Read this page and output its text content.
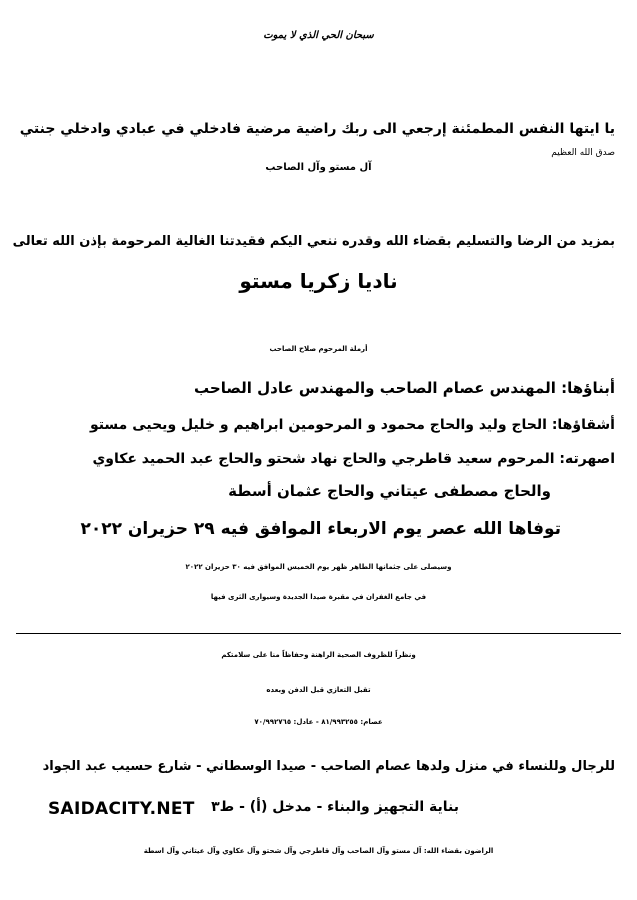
سبحان الحي الذي لا يموت
يا ايتها النفس المطمئنة إرجعي الى ربك راضية مرضية فادخلي في عبادي وادخلي جنتي
صدق الله العظيم
آل مستو وآل الصاحب
بمزيد من الرضا والتسليم بقضاء الله وقدره ننعي اليكم فقيدتنا الغالية المرحومة بإذن الله تعالى
ناديا زكريا مستو
أرملة المرحوم صلاح الصاحب
أبناؤها: المهندس عصام الصاحب والمهندس عادل الصاحب
أشقاؤها: الحاج وليد والحاج محمود و المرحومين ابراهيم و خليل ويحيى مستو
اصهرته: المرحوم سعيد قاطرجي والحاج نهاد شحتو والحاج عبد الحميد عكاوي
والحاج مصطفى عيتاني والحاج عثمان أسطة
توفاها الله عصر يوم الاربعاء الموافق فيه ٢٩ حزيران ٢٠٢٢
وسيصلى على جثمانها الطاهر ظهر يوم الخميس الموافق فيه ٣٠ حزيران ٢٠٢٢
في جامع الغفران في مقبرة صيدا الجديدة وسيوارى الثرى فيها
ونظراً للظروف الصحية الراهنة وحفاظاً منا على سلامتكم
تقبل التعازي قبل الدفن وبعده
عصام: ٨١/٩٩٣٢٥٥ - عادل: ٧٠/٩٩٢٧٦٥
للرجال وللنساء في منزل ولدها عصام الصاحب - صيدا الوسطاني - شارع حسيب عبد الجواد
بناية التجهيز والبناء - مدخل (أ) - ط٣
SAIDACITY.NET
الراضون بقضاء الله: آل مستو وآل الصاحب وآل قاطرجي وآل شحتو وآل عكاوي وآل عيتاني وآل اسطة
